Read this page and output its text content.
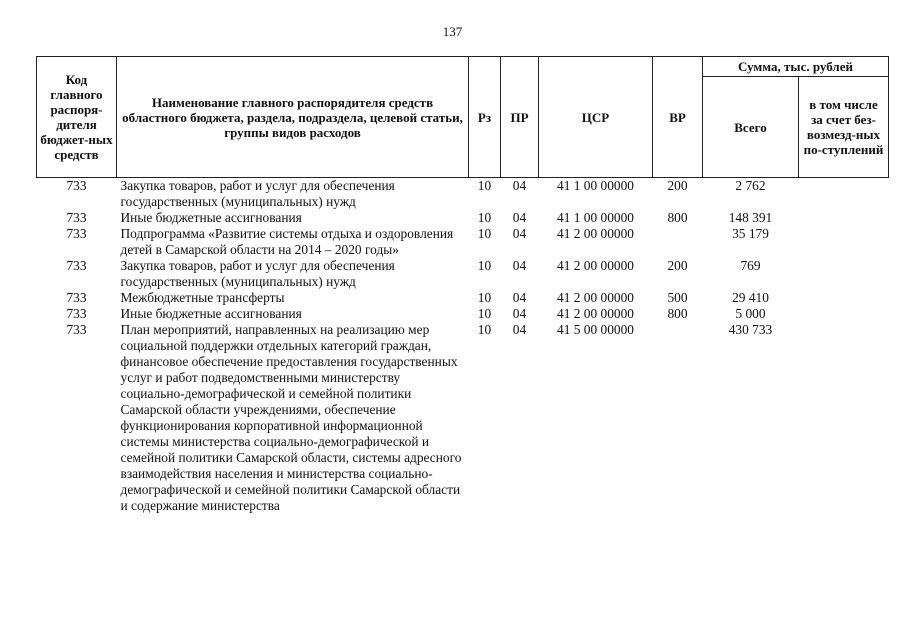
137
Код главного распоря-дителя бюджет-ных средств	Наименование главного распорядителя средств областного бюджета, раздела, подраздела, целевой статьи, группы видов расходов	Рз	ПР	ЦСР	ВР	Сумма, тыс. рублей	
						Всего	в том числе за счет без-возмезд-ных по-ступлений
733	Закупка товаров, работ и услуг для обеспечения государственных (муниципальных) нужд	10	04	41 1 00 00000	200	2 762	
733	Иные бюджетные ассигнования	10	04	41 1 00 00000	800	148 391	
733	Подпрограмма «Развитие системы отдыха и оздоровления детей в Самарской области на 2014 – 2020 годы»	10	04	41 2 00 00000		35 179	
733	Закупка товаров, работ и услуг для обеспечения государственных (муниципальных) нужд	10	04	41 2 00 00000	200	769	
733	Межбюджетные трансферты	10	04	41 2 00 00000	500	29 410	
733	Иные бюджетные ассигнования	10	04	41 2 00 00000	800	5 000	
733	План мероприятий, направленных на реализацию мер социальной поддержки отдельных категорий граждан, финансовое обеспечение предоставления государственных услуг и работ подведомственными министерству социально-демографической и семейной политики Самарской области учреждениями, обеспечение функционирования корпоративной информационной системы министерства социально-демографической и семейной политики Самарской области, системы адресного взаимодействия населения и министерства социально-демографической и семейной политики Самарской области и содержание министерства	10	04	41 5 00 00000		430 733	
